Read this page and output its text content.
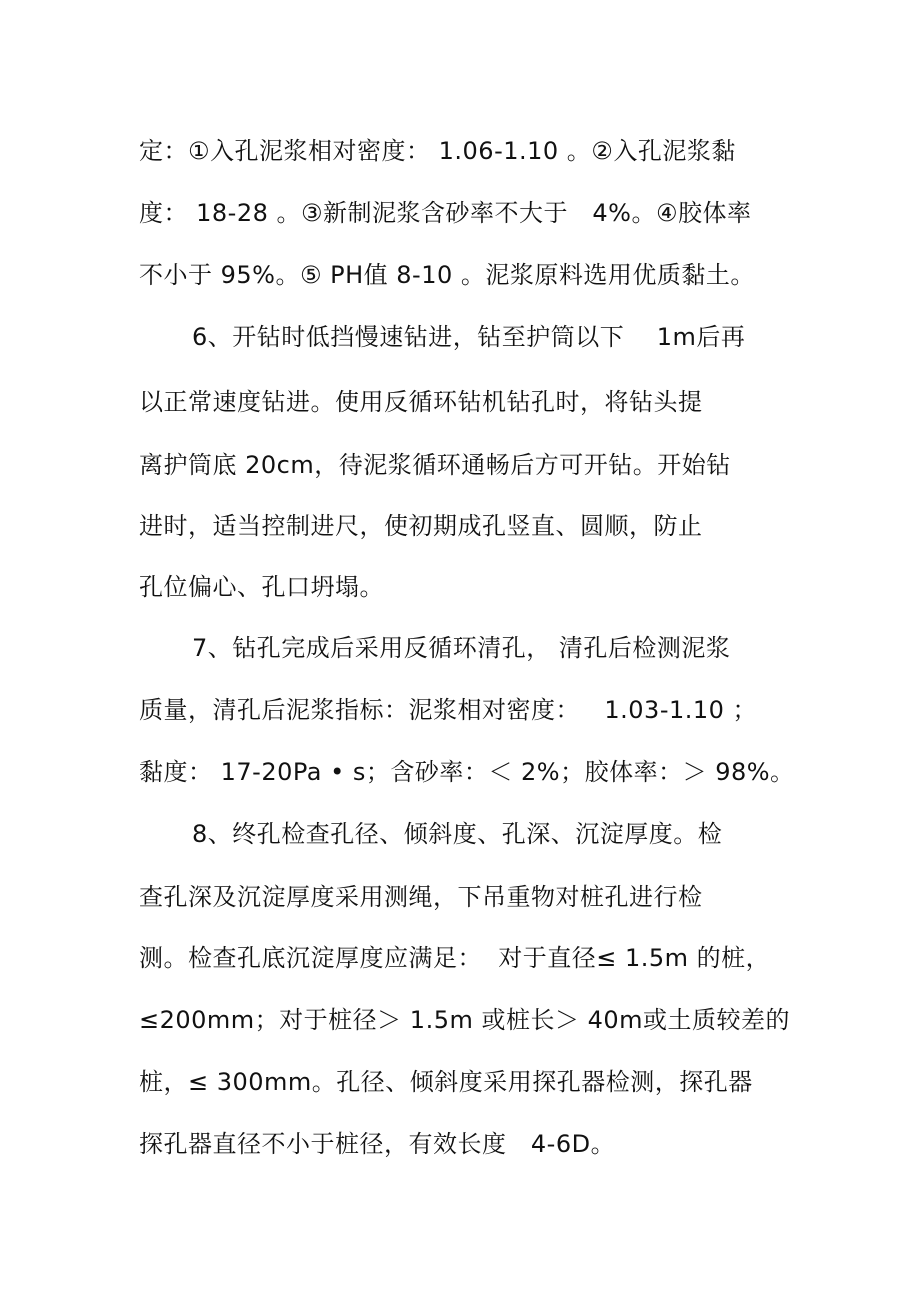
定：①入孔泥浆相对密度： 1.06-1.10 。②入孔泥浆黏
度： 18-28 。③新制泥浆含砂率不大于   4%。④胶体率
不小于 95%。⑤ PH值 8-10 。泥浆原料选用优质黏土。
6、开钻时低挡慢速钻进，钻至护筒以下    1m后再
以正常速度钻进。使用反循环钻机钻孔时，将钻头提
离护筒底 20cm，待泥浆循环通畅后方可开钻。开始钻
进时，适当控制进尺，使初期成孔竖直、圆顺，防止
孔位偏心、孔口坍塌。
7、钻孔完成后采用反循环清孔， 清孔后检测泥浆
质量，清孔后泥浆指标：泥浆相对密度：   1.03-1.10 ；
黏度： 17-20Pa • s；含砂率：＜ 2%；胶体率：＞ 98%。
8、终孔检查孔径、倾斜度、孔深、沉淀厚度。检
查孔深及沉淀厚度采用测绳，下吊重物对桩孔进行检
测。检查孔底沉淀厚度应满足：  对于直径≤ 1.5m 的桩，
≤200mm；对于桩径＞ 1.5m 或桩长＞ 40m或土质较差的
桩，≤ 300mm。孔径、倾斜度采用探孔器检测，探孔器
探孔器直径不小于桩径，有效长度   4-6D。
